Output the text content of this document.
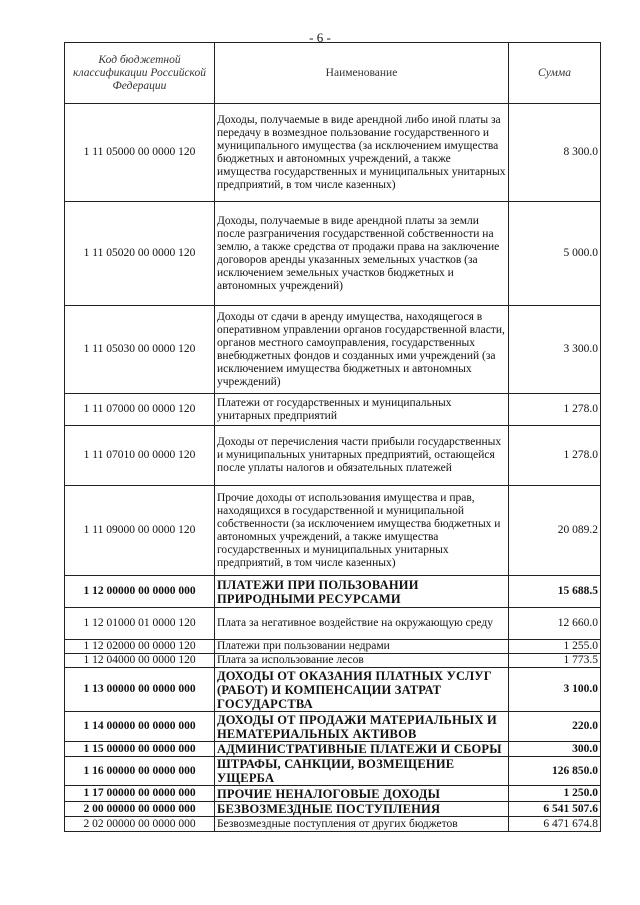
- 6 -
Код бюджетной классификации Российской Федерации	Наименование	Сумма
1 11 05000 00 0000 120	Доходы, получаемые в виде арендной либо иной платы за передачу в возмездное пользование государственного и муниципального имущества (за исключением имущества бюджетных и автономных учреждений, а также имущества государственных и муниципальных унитарных предприятий, в том числе казенных)	8 300.0
1 11 05020 00 0000 120	Доходы, получаемые в виде арендной платы за земли после разграничения государственной собственности на землю, а также средства от продажи права на заключение договоров аренды указанных земельных участков (за исключением земельных участков бюджетных и автономных учреждений)	5 000.0
1 11 05030 00 0000 120	Доходы от сдачи в аренду имущества, находящегося в оперативном управлении органов государственной власти, органов местного самоуправления, государственных внебюджетных фондов и созданных ими учреждений (за исключением имущества бюджетных и автономных учреждений)	3 300.0
1 11 07000 00 0000 120	Платежи от государственных и муниципальных унитарных предприятий	1 278.0
1 11 07010 00 0000 120	Доходы от перечисления части прибыли государственных и муниципальных унитарных предприятий, остающейся после уплаты налогов и обязательных платежей	1 278.0
1 11 09000 00 0000 120	Прочие доходы от использования имущества и прав, находящихся в государственной и муниципальной собственности (за исключением имущества бюджетных и автономных учреждений, а также имущества государственных и муниципальных унитарных предприятий, в том числе казенных)	20 089.2
1 12 00000 00 0000 000	ПЛАТЕЖИ ПРИ ПОЛЬЗОВАНИИ ПРИРОДНЫМИ РЕСУРСАМИ	15 688.5
1 12 01000 01 0000 120	Плата за негативное воздействие на окружающую среду	12 660.0
1 12 02000 00 0000 120	Платежи при пользовании недрами	1 255.0
1 12 04000 00 0000 120	Плата за использование лесов	1 773.5
1 13 00000 00 0000 000	ДОХОДЫ ОТ ОКАЗАНИЯ ПЛАТНЫХ УСЛУГ (РАБОТ) И КОМПЕНСАЦИИ ЗАТРАТ ГОСУДАРСТВА	3 100.0
1 14 00000 00 0000 000	ДОХОДЫ ОТ ПРОДАЖИ МАТЕРИАЛЬНЫХ И НЕМАТЕРИАЛЬНЫХ АКТИВОВ	220.0
1 15 00000 00 0000 000	АДМИНИСТРАТИВНЫЕ ПЛАТЕЖИ И СБОРЫ	300.0
1 16 00000 00 0000 000	ШТРАФЫ, САНКЦИИ, ВОЗМЕЩЕНИЕ УЩЕРБА	126 850.0
1 17 00000 00 0000 000	ПРОЧИЕ НЕНАЛОГОВЫЕ ДОХОДЫ	1 250.0
2 00 00000 00 0000 000	БЕЗВОЗМЕЗДНЫЕ ПОСТУПЛЕНИЯ	6 541 507.6
2 02 00000 00 0000 000	Безвозмездные поступления от других бюджетов	6 471 674.8
